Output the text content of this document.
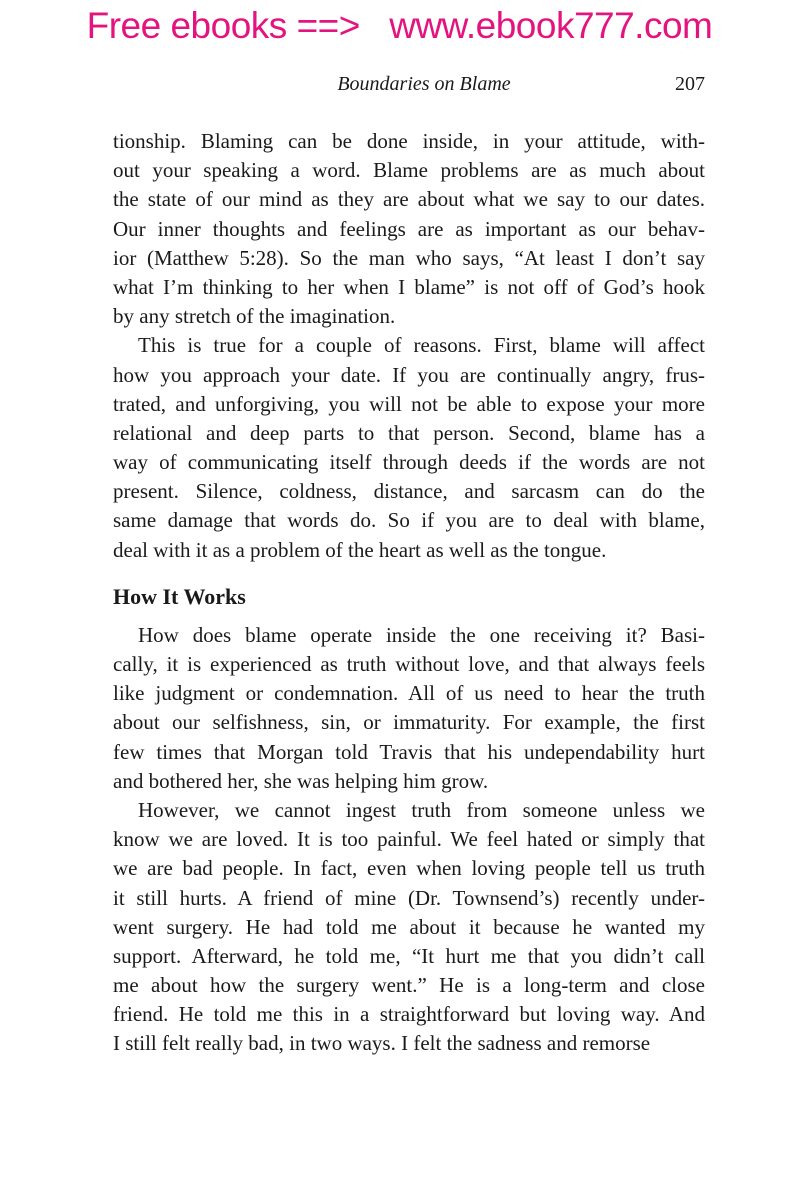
Free ebooks ==>   www.ebook777.com
Boundaries on Blame	207
tionship. Blaming can be done inside, in your attitude, with-
out your speaking a word. Blame problems are as much about
the state of our mind as they are about what we say to our dates.
Our inner thoughts and feelings are as important as our behav-
ior (Matthew 5:28). So the man who says, “At least I don’t say
what I’m thinking to her when I blame” is not off of God’s hook
by any stretch of the imagination.
This is true for a couple of reasons. First, blame will affect
how you approach your date. If you are continually angry, frus-
trated, and unforgiving, you will not be able to expose your more
relational and deep parts to that person. Second, blame has a
way of communicating itself through deeds if the words are not
present. Silence, coldness, distance, and sarcasm can do the
same damage that words do. So if you are to deal with blame,
deal with it as a problem of the heart as well as the tongue.
How It Works
How does blame operate inside the one receiving it? Basi-
cally, it is experienced as truth without love, and that always feels
like judgment or condemnation. All of us need to hear the truth
about our selfishness, sin, or immaturity. For example, the first
few times that Morgan told Travis that his undependability hurt
and bothered her, she was helping him grow.
However, we cannot ingest truth from someone unless we
know we are loved. It is too painful. We feel hated or simply that
we are bad people. In fact, even when loving people tell us truth
it still hurts. A friend of mine (Dr. Townsend’s) recently under-
went surgery. He had told me about it because he wanted my
support. Afterward, he told me, “It hurt me that you didn’t call
me about how the surgery went.” He is a long-term and close
friend. He told me this in a straightforward but loving way. And
I still felt really bad, in two ways. I felt the sadness and remorse
